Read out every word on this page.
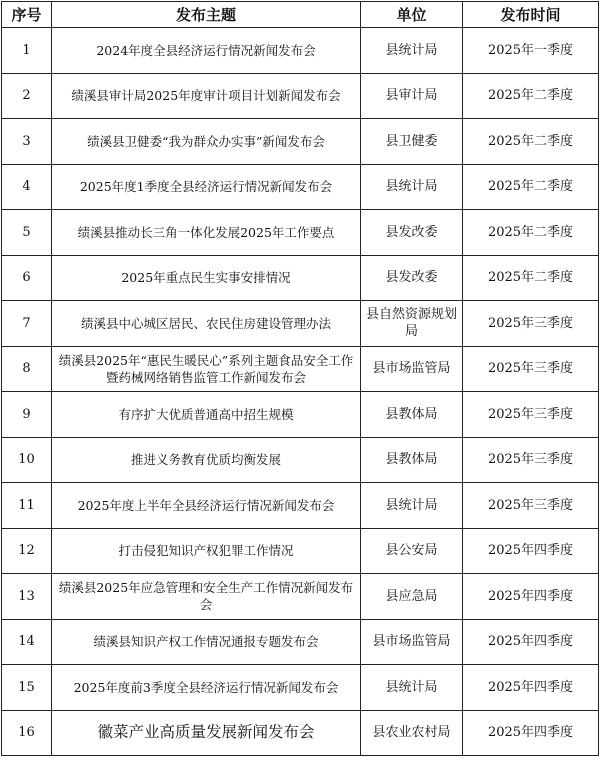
序号	发布主题	单位	发布时间
1	2024年度全县经济运行情况新闻发布会	县统计局	2025年一季度
2	绩溪县审计局2025年度审计项目计划新闻发布会	县审计局	2025年二季度
3	绩溪县卫健委“我为群众办实事”新闻发布会	县卫健委	2025年二季度
4	2025年度1季度全县经济运行情况新闻发布会	县统计局	2025年二季度
5	绩溪县推动长三角一体化发展2025年工作要点	县发改委	2025年二季度
6	2025年重点民生实事安排情况	县发改委	2025年二季度
7	绩溪县中心城区居民、农民住房建设管理办法	县自然资源规划局	2025年三季度
8	绩溪县2025年“惠民生暖民心”系列主题食品安全工作暨药械网络销售监管工作新闻发布会	县市场监管局	2025年三季度
9	有序扩大优质普通高中招生规模	县教体局	2025年三季度
10	推进义务教育优质均衡发展	县教体局	2025年三季度
11	2025年度上半年全县经济运行情况新闻发布会	县统计局	2025年三季度
12	打击侵犯知识产权犯罪工作情况	县公安局	2025年四季度
13	绩溪县2025年应急管理和安全生产工作情况新闻发布会	县应急局	2025年四季度
14	绩溪县知识产权工作情况通报专题发布会	县市场监管局	2025年四季度
15	2025年度前3季度全县经济运行情况新闻发布会	县统计局	2025年四季度
16	徽菜产业高质量发展新闻发布会	县农业农村局	2025年四季度
